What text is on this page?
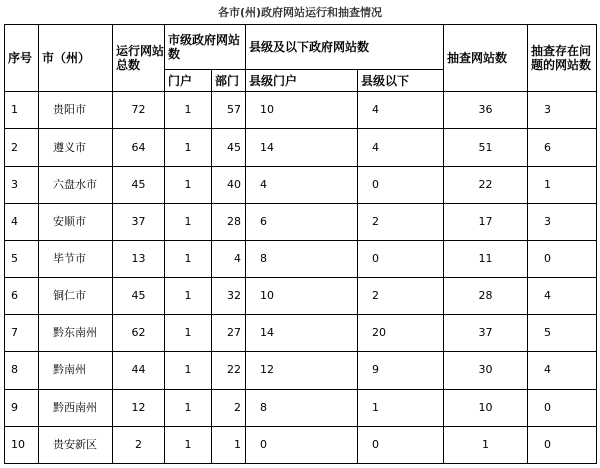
各市(州)政府网站运行和抽查情况
序号	市（州）	运行网站总数	市级政府网站数		县级及以下政府网站数		抽查网站数	抽查存在问题的网站数
			门户	部门	县级门户	县级以下		
1	贵阳市	72	1	57	10	4	36	3
2	遵义市	64	1	45	14	4	51	6
3	六盘水市	45	1	40	4	0	22	1
4	安顺市	37	1	28	6	2	17	3
5	毕节市	13	1	4	8	0	11	0
6	铜仁市	45	1	32	10	2	28	4
7	黔东南州	62	1	27	14	20	37	5
8	黔南州	44	1	22	12	9	30	4
9	黔西南州	12	1	2	8	1	10	0
10	贵安新区	2	1	1	0	0	1	0
